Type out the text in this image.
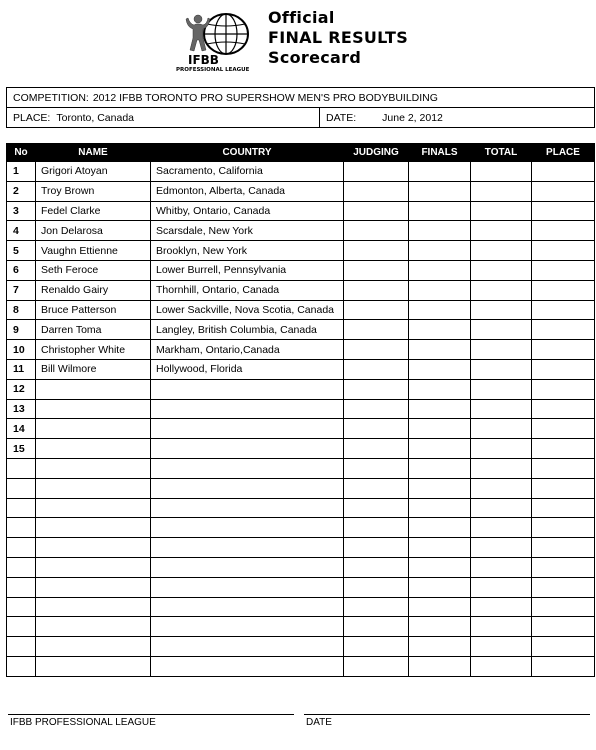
IFBB
PROFESSIONAL LEAGUE
Official
FINAL RESULTS
Scorecard
COMPETITION: 2012 IFBB TORONTO PRO SUPERSHOW MEN'S PRO BODYBUILDING
PLACE: Toronto, Canada	DATE: June 2, 2012
No	NAME	COUNTRY	JUDGING	FINALS	TOTAL	PLACE
1	Grigori Atoyan	Sacramento, California				
2	Troy Brown	Edmonton, Alberta, Canada				
3	Fedel Clarke	Whitby, Ontario, Canada				
4	Jon Delarosa	Scarsdale, New York				
5	Vaughn Ettienne	Brooklyn, New York				
6	Seth Feroce	Lower Burrell, Pennsylvania				
7	Renaldo Gairy	Thornhill, Ontario, Canada				
8	Bruce Patterson	Lower Sackville, Nova Scotia, Canada				
9	Darren Toma	Langley, British Columbia, Canada				
10	Christopher White	Markham, Ontario,Canada				
11	Bill Wilmore	Hollywood, Florida				
12						
13						
14						
15						

IFBB PROFESSIONAL LEAGUE	DATE
